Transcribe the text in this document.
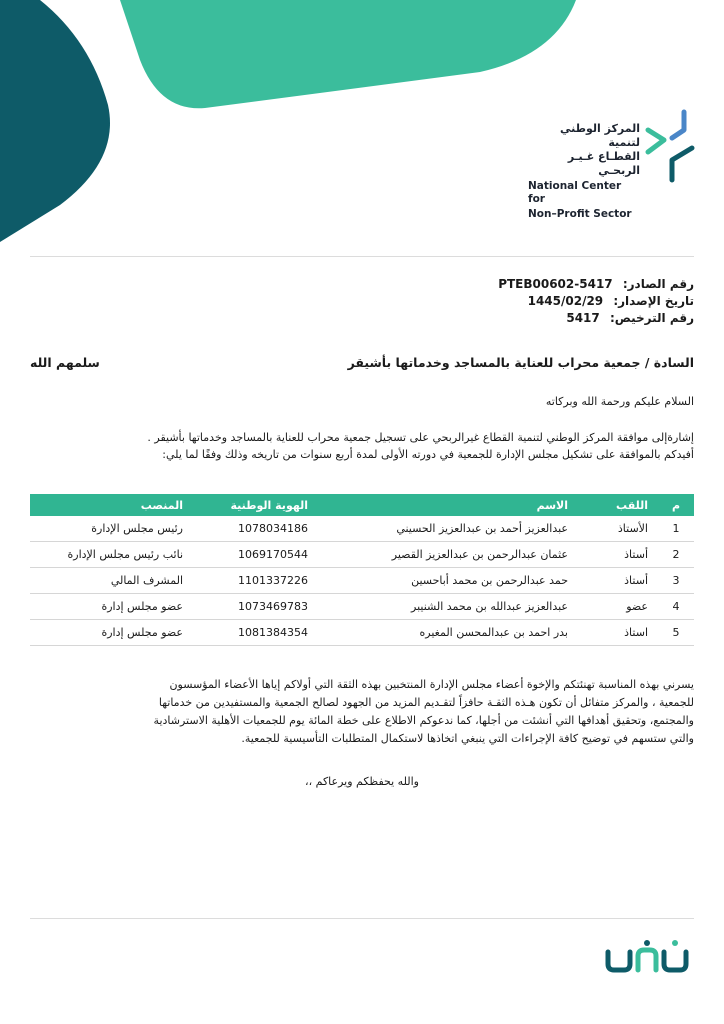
المركز الوطني لتنمية
القطـاع غـيـر الربحـي
National Center for
Non–Profit Sector
رقم الصادر: PTEB00602-5417
تاريخ الإصدار: 1445/02/29
رقم الترخيص: 5417
السادة / جمعية محراب للعناية بالمساجد وخدماتها بأشيقر
سلمهم الله
السلام عليكم ورحمة الله وبركاته
إشارةإلى موافقة المركز الوطني لتنمية القطاع غيرالربحي على تسجيل جمعية محراب للعناية بالمساجد وخدماتها بأشيقر .
أفيدكم بالموافقة على تشكيل مجلس الإدارة للجمعية في دورته الأولى لمدة أربع سنوات من تاريخه وذلك وفقًا لما يلي:
م	اللقب	الاسم	الهوية الوطنية	المنصب
1	الأستاذ	عبدالعزيز أحمد بن عبدالعزيز الحسيني	1078034186	رئيس مجلس الإدارة
2	أستاذ	عثمان عبدالرحمن بن عبدالعزيز القصير	1069170544	نائب رئيس مجلس الإدارة
3	أستاذ	حمد عبدالرحمن بن محمد أباحسين	1101337226	المشرف المالي
4	عضو	عبدالعزيز عبدالله بن محمد الشنيبر	1073469783	عضو مجلس إدارة
5	استاذ	بدر احمد بن عبدالمحسن المغيره	1081384354	عضو مجلس إدارة
يسرني بهذه المناسبة تهنئتكم والإخوة أعضاء مجلس الإدارة المنتخبين بهذه الثقة التي أولاكم إياها الأعضاء المؤسسون
للجمعية ، والمركز متفائل أن تكون هـذه الثقـة حافزاً لتقـديم المزيد من الجهود لصالح الجمعية والمستفيدين من خدماتها
والمجتمع، وتحقيق أهدافها التي أنشئت من أجلها، كما ندعوكم الاطلاع على خطة المائة يوم للجمعيات الأهلية الاسترشادية
والتي ستسهم في توضيح كافة الإجراءات التي ينبغي اتخاذها لاستكمال المتطلبات التأسيسية للجمعية.
والله يحفظكم ويرعاكم ،،
